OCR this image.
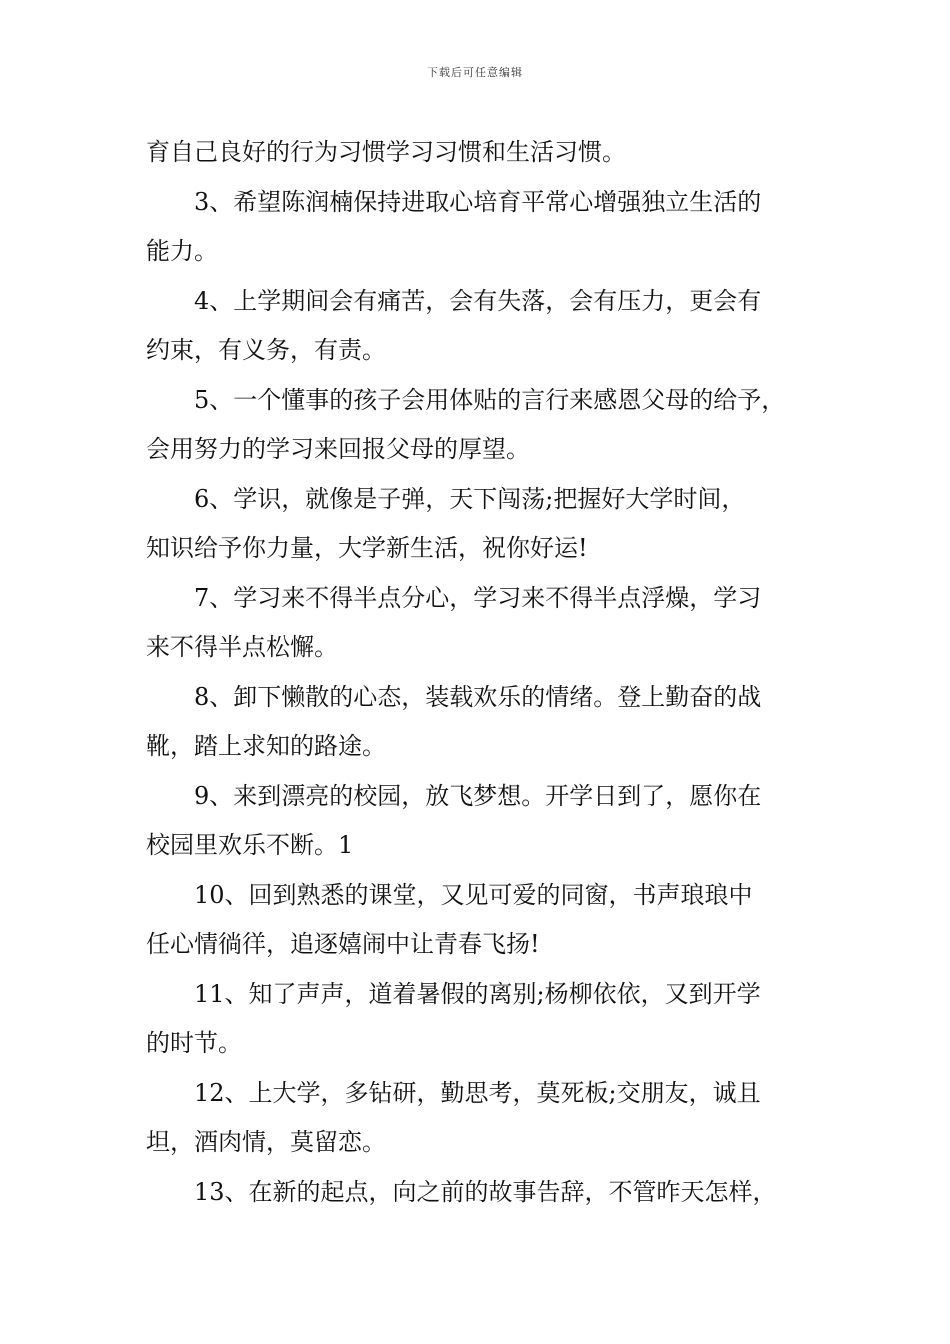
下载后可任意编辑

育自己良好的行为习惯学习习惯和生活习惯。

3、希望陈润楠保持进取心培育平常心增强独立生活的
能力。

4、上学期间会有痛苦，会有失落，会有压力，更会有
约束，有义务，有责。

5、一个懂事的孩子会用体贴的言行来感恩父母的给予，
会用努力的学习来回报父母的厚望。

6、学识，就像是子弹，天下闯荡;把握好大学时间，
知识给予你力量，大学新生活，祝你好运!

7、学习来不得半点分心，学习来不得半点浮燥，学习
来不得半点松懈。

8、卸下懒散的心态，装载欢乐的情绪。登上勤奋的战
靴，踏上求知的路途。

9、来到漂亮的校园，放飞梦想。开学日到了，愿你在
校园里欢乐不断。1

10、回到熟悉的课堂，又见可爱的同窗，书声琅琅中
任心情徜徉，追逐嬉闹中让青春飞扬!

11、知了声声，道着暑假的离别;杨柳依依，又到开学
的时节。

12、上大学，多钻研，勤思考，莫死板;交朋友，诚且
坦，酒肉情，莫留恋。

13、在新的起点，向之前的故事告辞，不管昨天怎样，
